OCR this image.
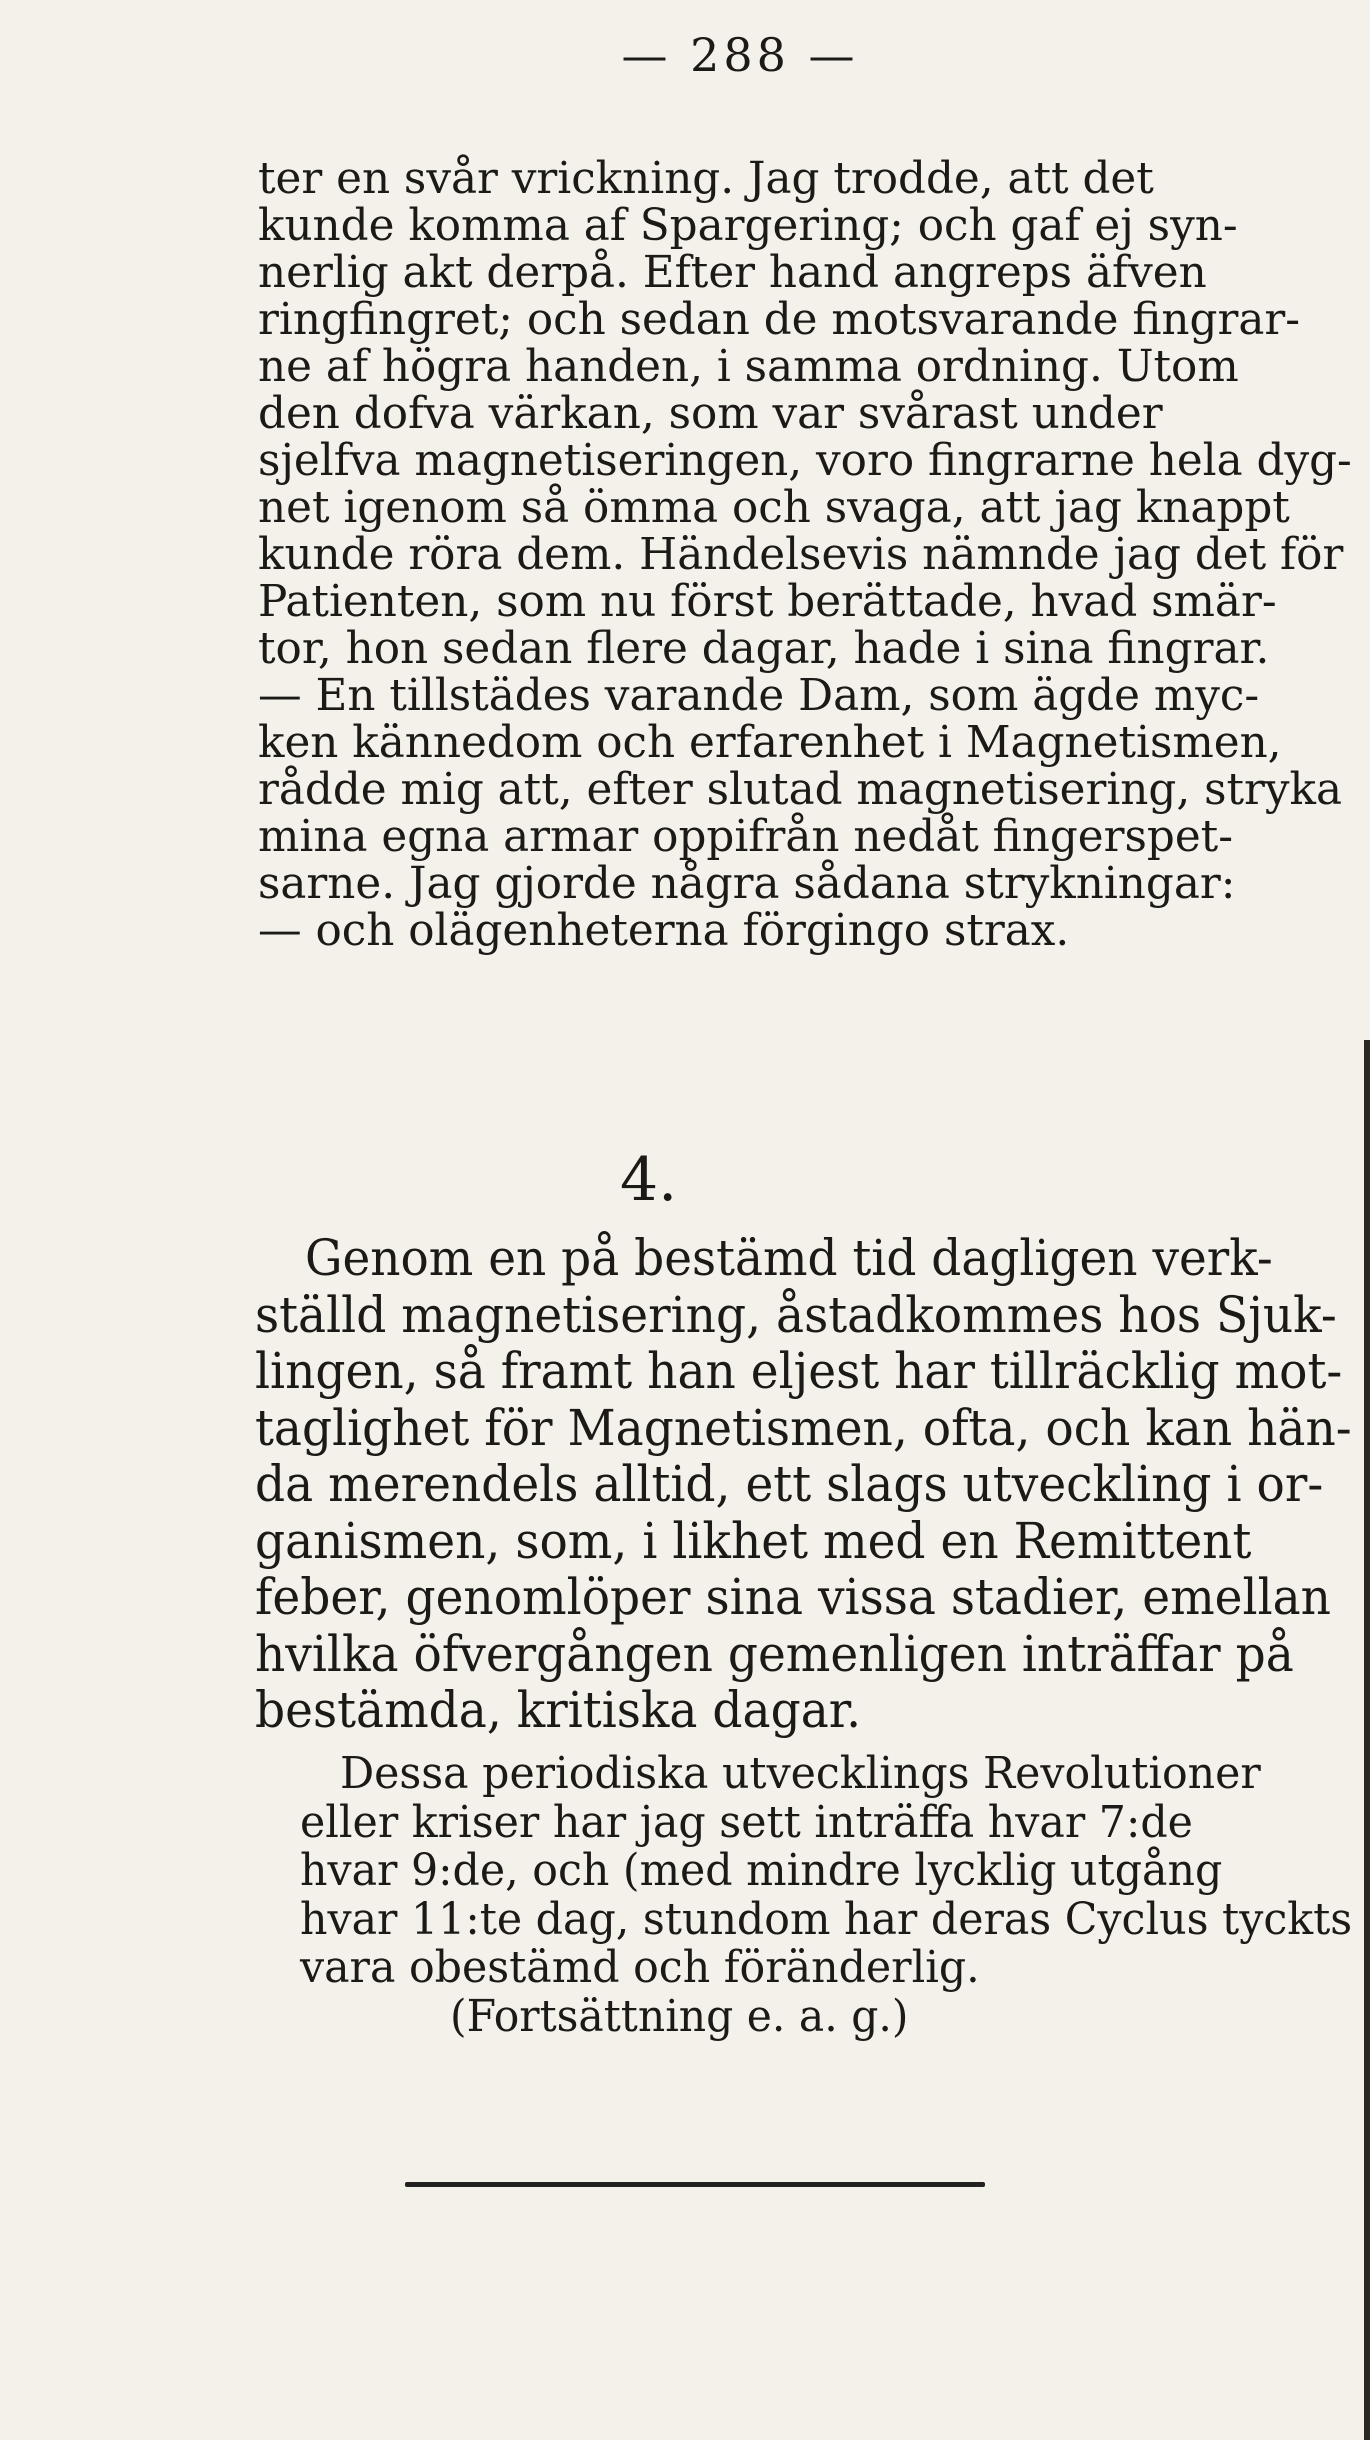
— 288 —
ter en svår vrickning. Jag trodde, att det
kunde komma af Spargering; och gaf ej syn-
nerlig akt derpå. Efter hand angreps äfven
ringfingret; och sedan de motsvarande fingrar-
ne af högra handen, i samma ordning. Utom
den dofva värkan, som var svårast under
sjelfva magnetiseringen, voro fingrarne hela dyg-
net igenom så ömma och svaga, att jag knappt
kunde röra dem. Händelsevis nämnde jag det för
Patienten, som nu först berättade, hvad smär-
tor, hon sedan flere dagar, hade i sina fingrar.
— En tillstädes varande Dam, som ägde myc-
ken kännedom och erfarenhet i Magnetismen,
rådde mig att, efter slutad magnetisering, stryka
mina egna armar oppifrån nedåt fingerspet-
sarne. Jag gjorde några sådana strykningar:
— och olägenheterna förgingo strax.
4.
Genom en på bestämd tid dagligen verk-
ställd magnetisering, åstadkommes hos Sjuk-
lingen, så framt han eljest har tillräcklig mot-
taglighet för Magnetismen, ofta, och kan hän-
da merendels alltid, ett slags utveckling i or-
ganismen, som, i likhet med en Remittent
feber, genomlöper sina vissa stadier, emellan
hvilka öfvergången gemenligen inträffar på
bestämda, kritiska dagar.
Dessa periodiska utvecklings Revolutioner
eller kriser har jag sett inträffa hvar 7:de
hvar 9:de, och (med mindre lycklig utgång
hvar 11:te dag, stundom har deras Cyclus tyckts
vara obestämd och föränderlig.
(Fortsättning e. a. g.)
